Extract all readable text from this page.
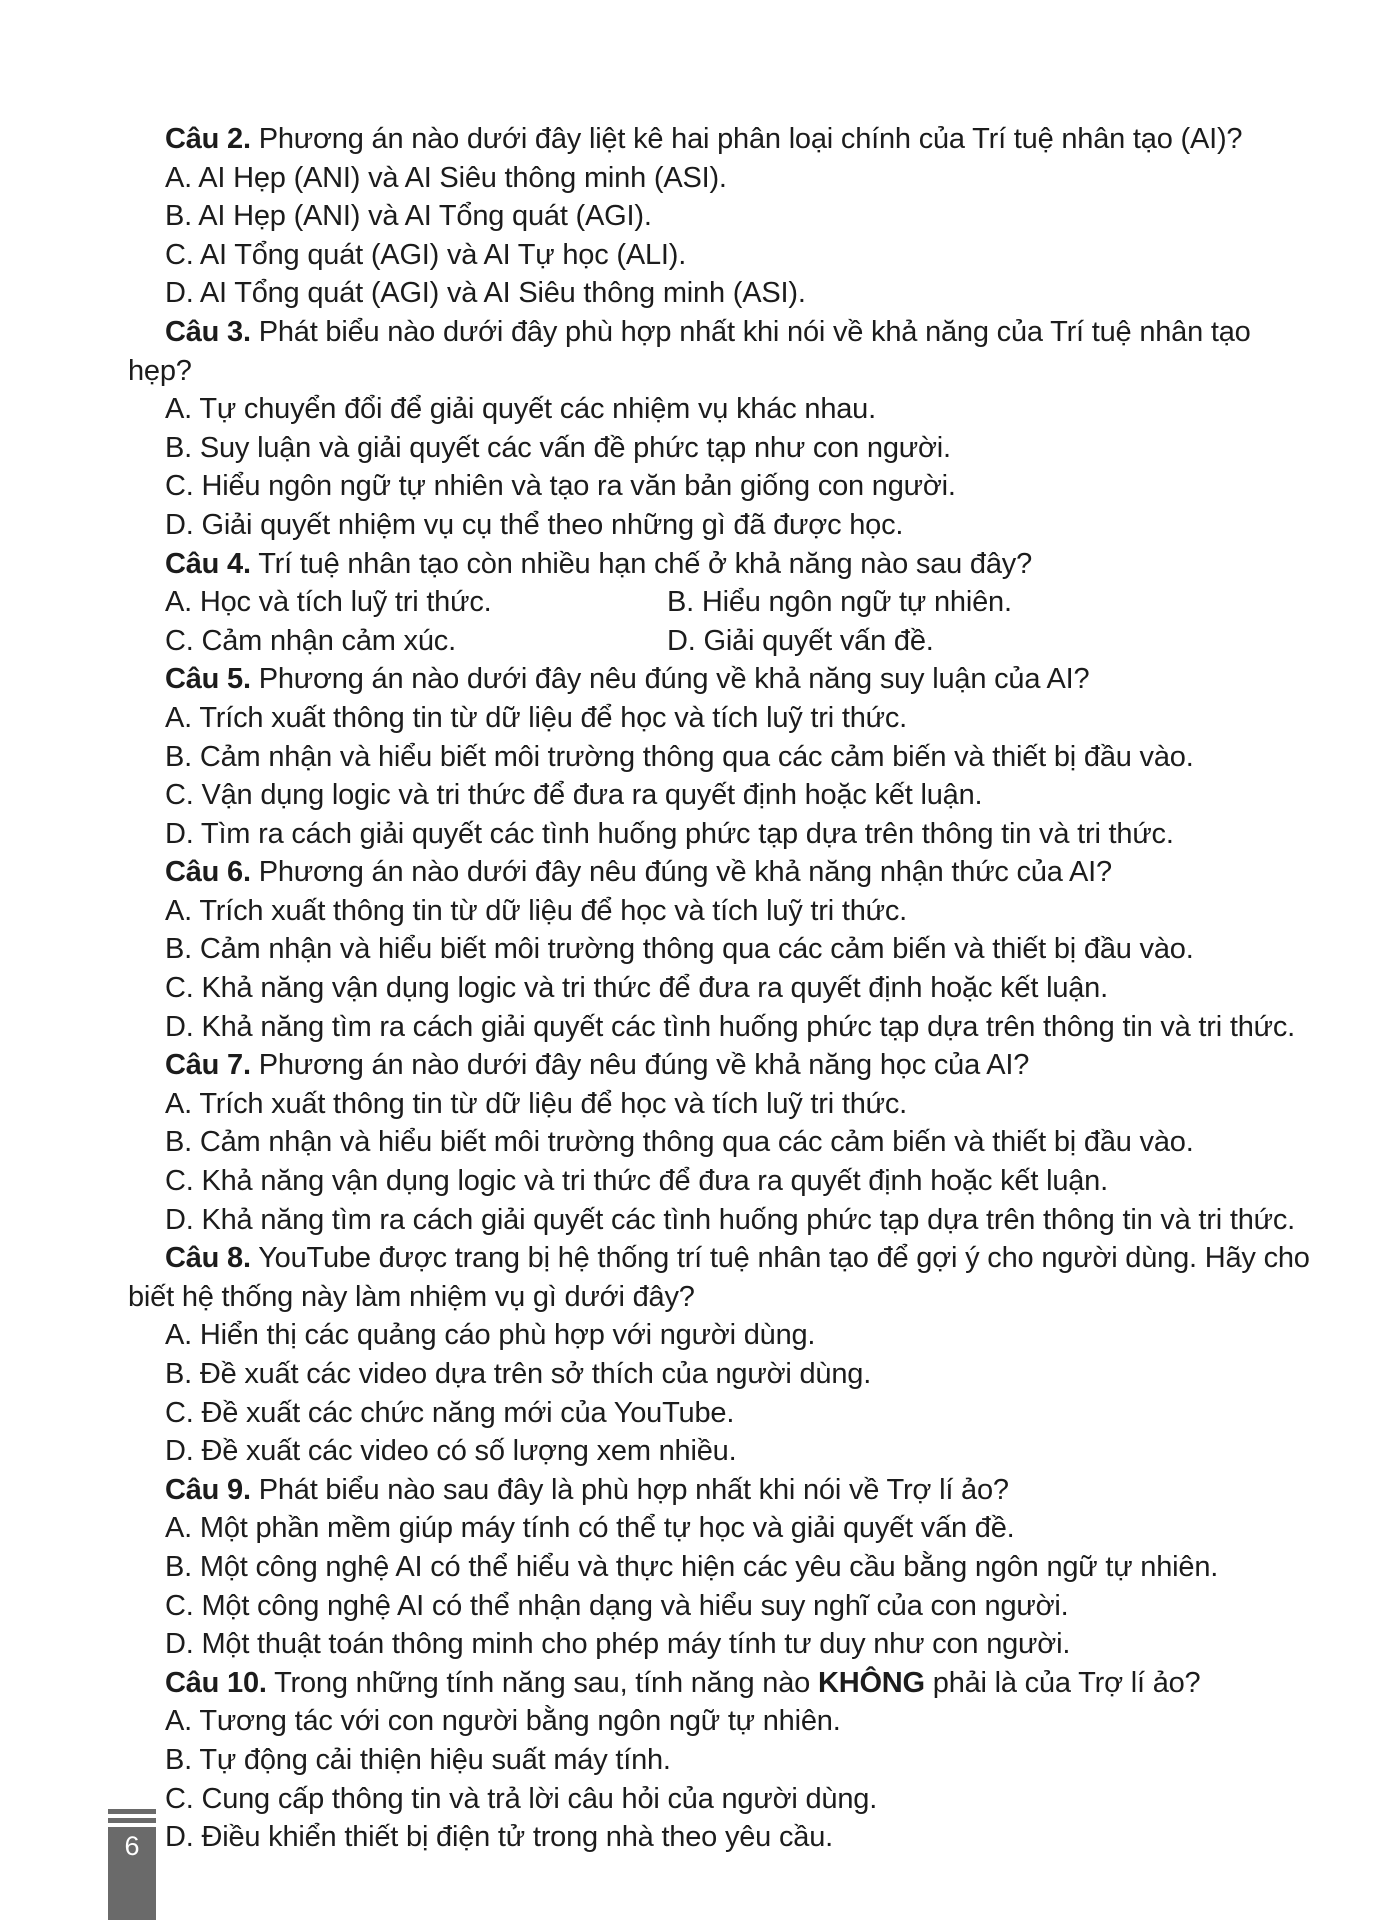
Câu 2. Phương án nào dưới đây liệt kê hai phân loại chính của Trí tuệ nhân tạo (AI)?

A. AI Hẹp (ANI) và AI Siêu thông minh (ASI).

B. AI Hẹp (ANI) và AI Tổng quát (AGI).

C. AI Tổng quát (AGI) và AI Tự học (ALI).

D. AI Tổng quát (AGI) và AI Siêu thông minh (ASI).

Câu 3. Phát biểu nào dưới đây phù hợp nhất khi nói về khả năng của Trí tuệ nhân tạo hẹp?

A. Tự chuyển đổi để giải quyết các nhiệm vụ khác nhau.

B. Suy luận và giải quyết các vấn đề phức tạp như con người.

C. Hiểu ngôn ngữ tự nhiên và tạo ra văn bản giống con người.

D. Giải quyết nhiệm vụ cụ thể theo những gì đã được học.

Câu 4. Trí tuệ nhân tạo còn nhiều hạn chế ở khả năng nào sau đây?

A. Học và tích luỹ tri thức.	B. Hiểu ngôn ngữ tự nhiên.

C. Cảm nhận cảm xúc.	D. Giải quyết vấn đề.

Câu 5. Phương án nào dưới đây nêu đúng về khả năng suy luận của AI?

A. Trích xuất thông tin từ dữ liệu để học và tích luỹ tri thức.

B. Cảm nhận và hiểu biết môi trường thông qua các cảm biến và thiết bị đầu vào.

C. Vận dụng logic và tri thức để đưa ra quyết định hoặc kết luận.

D. Tìm ra cách giải quyết các tình huống phức tạp dựa trên thông tin và tri thức.

Câu 6. Phương án nào dưới đây nêu đúng về khả năng nhận thức của AI?

A. Trích xuất thông tin từ dữ liệu để học và tích luỹ tri thức.

B. Cảm nhận và hiểu biết môi trường thông qua các cảm biến và thiết bị đầu vào.

C. Khả năng vận dụng logic và tri thức để đưa ra quyết định hoặc kết luận.

D. Khả năng tìm ra cách giải quyết các tình huống phức tạp dựa trên thông tin và tri thức.

Câu 7. Phương án nào dưới đây nêu đúng về khả năng học của AI?

A. Trích xuất thông tin từ dữ liệu để học và tích luỹ tri thức.

B. Cảm nhận và hiểu biết môi trường thông qua các cảm biến và thiết bị đầu vào.

C. Khả năng vận dụng logic và tri thức để đưa ra quyết định hoặc kết luận.

D. Khả năng tìm ra cách giải quyết các tình huống phức tạp dựa trên thông tin và tri thức.

Câu 8. YouTube được trang bị hệ thống trí tuệ nhân tạo để gợi ý cho người dùng. Hãy cho biết hệ thống này làm nhiệm vụ gì dưới đây?

A. Hiển thị các quảng cáo phù hợp với người dùng.

B. Đề xuất các video dựa trên sở thích của người dùng.

C. Đề xuất các chức năng mới của YouTube.

D. Đề xuất các video có số lượng xem nhiều.

Câu 9. Phát biểu nào sau đây là phù hợp nhất khi nói về Trợ lí ảo?

A. Một phần mềm giúp máy tính có thể tự học và giải quyết vấn đề.

B. Một công nghệ AI có thể hiểu và thực hiện các yêu cầu bằng ngôn ngữ tự nhiên.

C. Một công nghệ AI có thể nhận dạng và hiểu suy nghĩ của con người.

D. Một thuật toán thông minh cho phép máy tính tư duy như con người.

Câu 10. Trong những tính năng sau, tính năng nào KHÔNG phải là của Trợ lí ảo?

A. Tương tác với con người bằng ngôn ngữ tự nhiên.

B. Tự động cải thiện hiệu suất máy tính.

C. Cung cấp thông tin và trả lời câu hỏi của người dùng.

D. Điều khiển thiết bị điện tử trong nhà theo yêu cầu.

6
